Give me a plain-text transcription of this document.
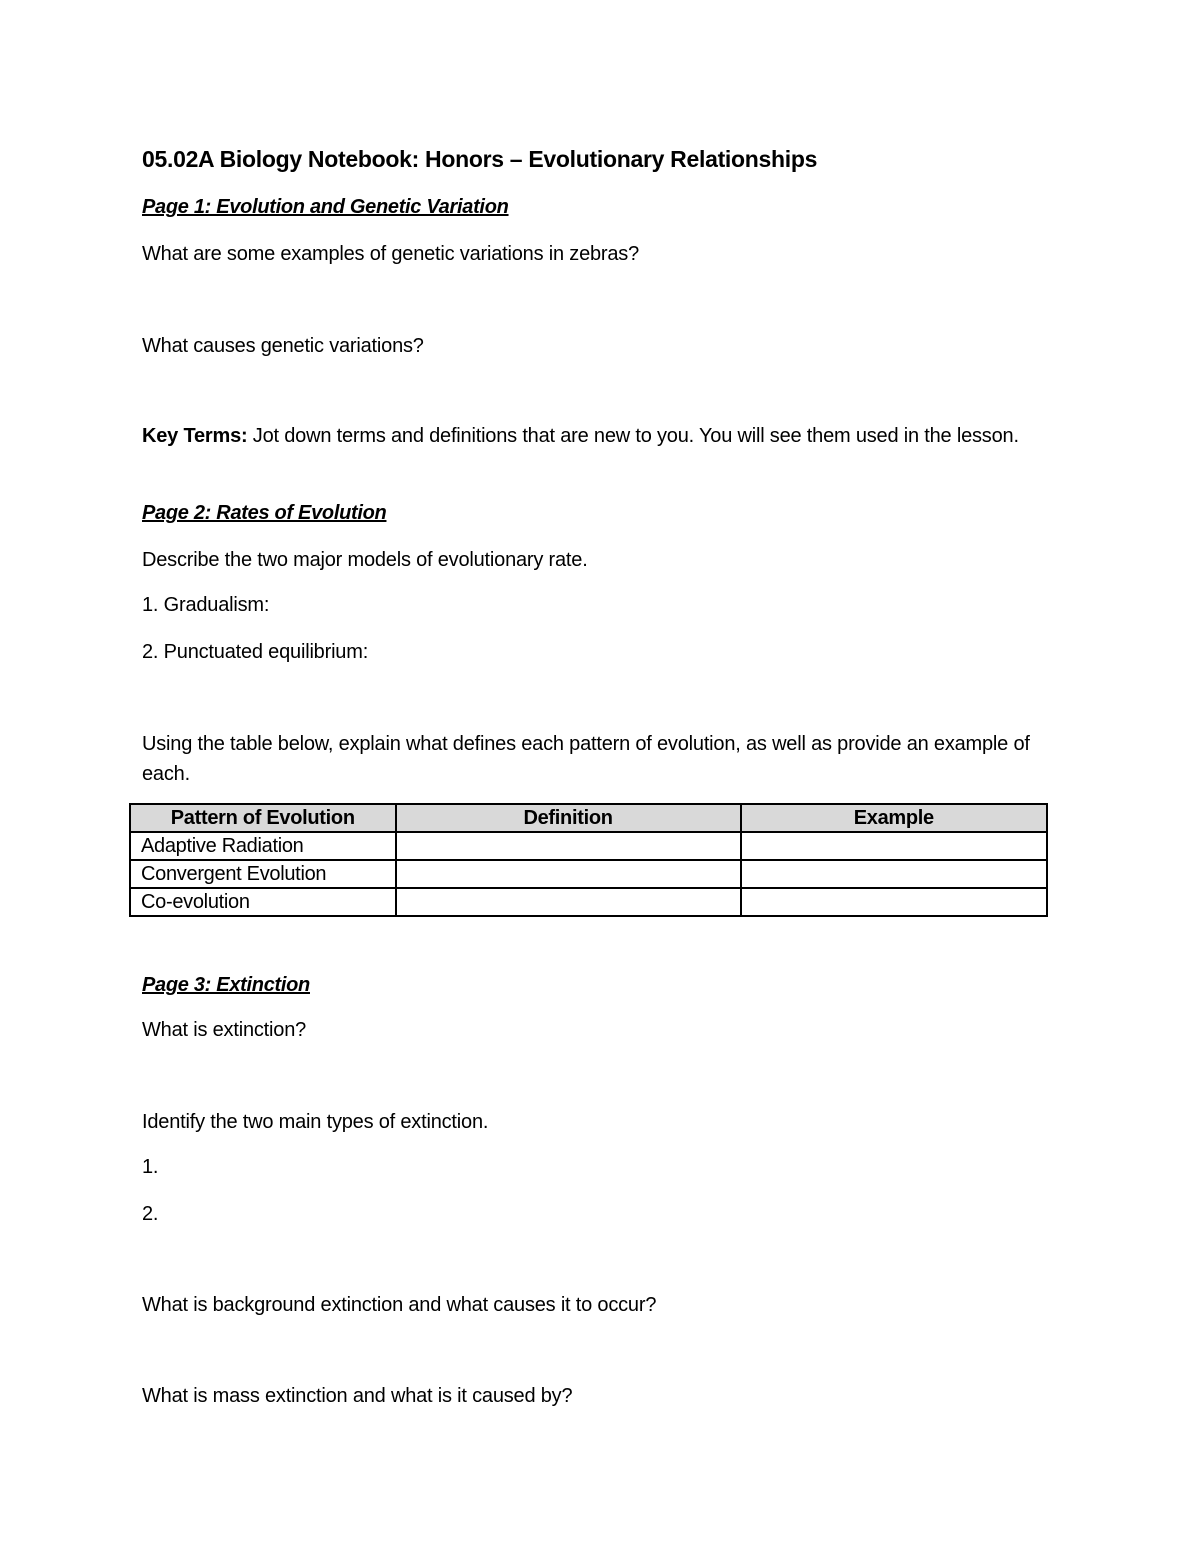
05.02A Biology Notebook: Honors – Evolutionary Relationships
Page 1: Evolution and Genetic Variation
What are some examples of genetic variations in zebras?
What causes genetic variations?
Key Terms: Jot down terms and definitions that are new to you. You will see them used in the lesson.
Page 2: Rates of Evolution
Describe the two major models of evolutionary rate.
1. Gradualism:
2. Punctuated equilibrium:
Using the table below, explain what defines each pattern of evolution, as well as provide an example of each.
Pattern of Evolution	Definition	Example
Adaptive Radiation		
Convergent Evolution		
Co-evolution		
Page 3: Extinction
What is extinction?
Identify the two main types of extinction.
1.
2.
What is background extinction and what causes it to occur?
What is mass extinction and what is it caused by?
